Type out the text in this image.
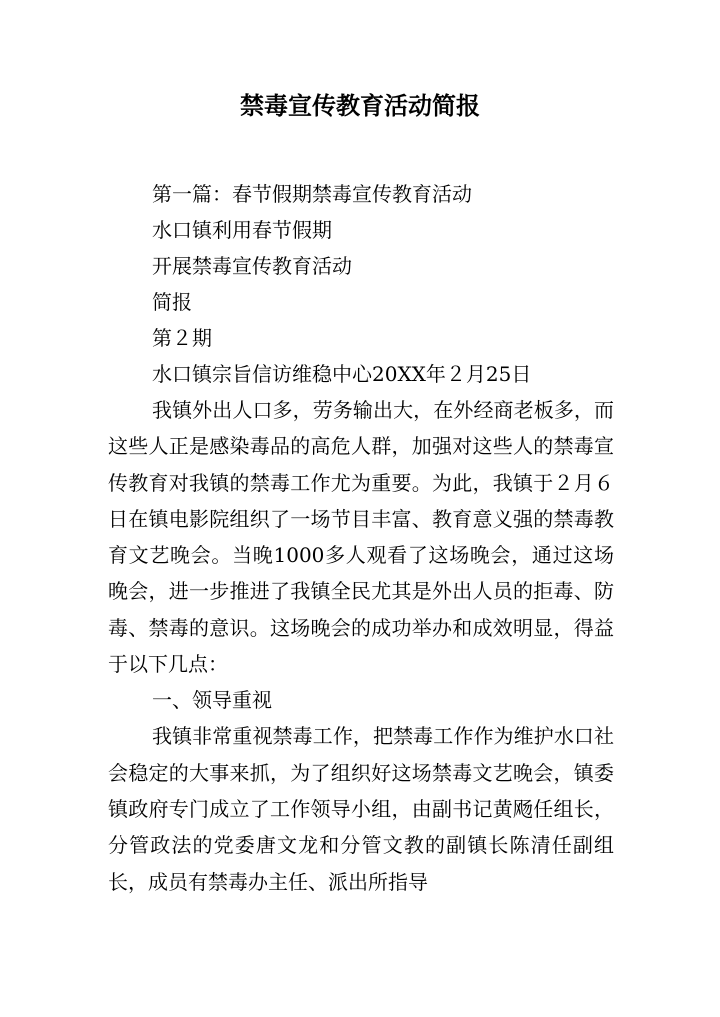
禁毒宣传教育活动简报

第一篇：春节假期禁毒宣传教育活动

水口镇利用春节假期

开展禁毒宣传教育活动

简报

第２期

水口镇宗旨信访维稳中心20XX年２月25日

我镇外出人口多，劳务输出大，在外经商老板多，而这些人正是感染毒品的高危人群，加强对这些人的禁毒宣传教育对我镇的禁毒工作尤为重要。为此，我镇于２月６日在镇电影院组织了一场节目丰富、教育意义强的禁毒教育文艺晚会。当晚1000多人观看了这场晚会，通过这场晚会，进一步推进了我镇全民尤其是外出人员的拒毒、防毒、禁毒的意识。这场晚会的成功举办和成效明显，得益于以下几点：

一、领导重视

我镇非常重视禁毒工作，把禁毒工作作为维护水口社会稳定的大事来抓，为了组织好这场禁毒文艺晚会，镇委镇政府专门成立了工作领导小组，由副书记黄飏任组长，分管政法的党委唐文龙和分管文教的副镇长陈清任副组长，成员有禁毒办主任、派出所指导
